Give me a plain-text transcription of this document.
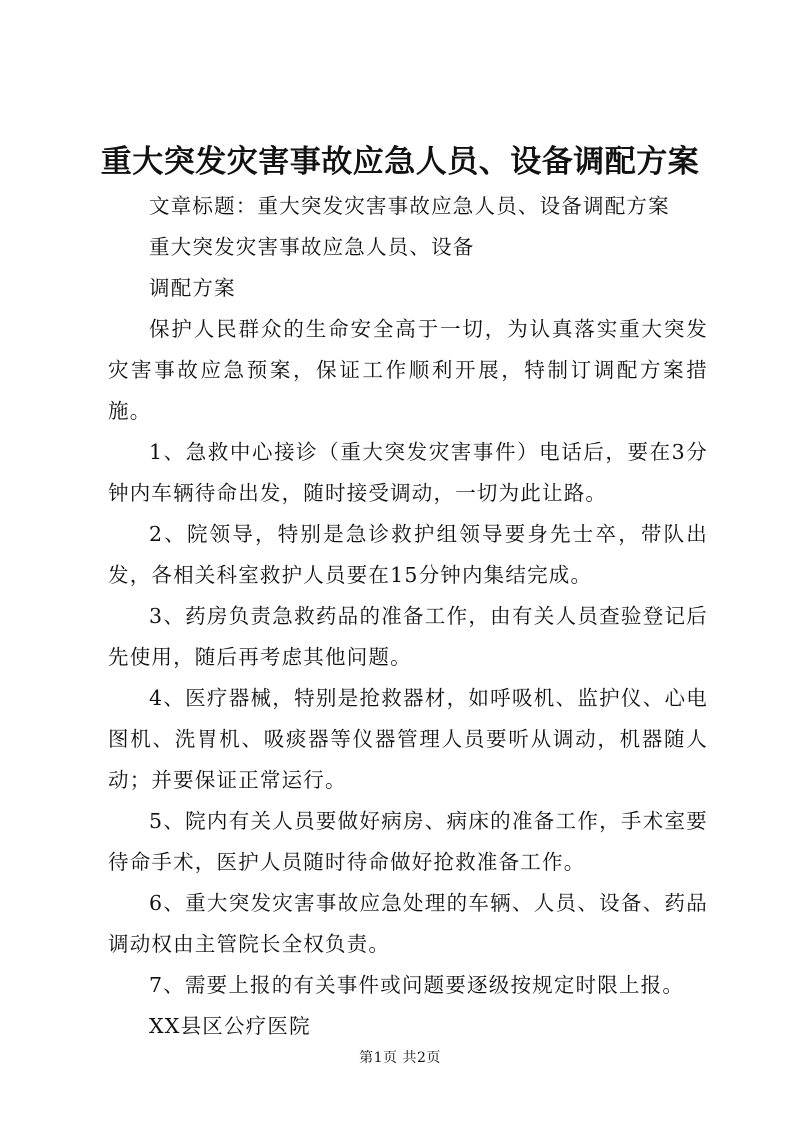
重大突发灾害事故应急人员、设备调配方案

文章标题：重大突发灾害事故应急人员、设备调配方案

重大突发灾害事故应急人员、设备

调配方案

保护人民群众的生命安全高于一切，为认真落实重大突发灾害事故应急预案，保证工作顺利开展，特制订调配方案措施。

1、急救中心接诊（重大突发灾害事件）电话后，要在3分钟内车辆待命出发，随时接受调动，一切为此让路。

2、院领导，特别是急诊救护组领导要身先士卒，带队出发，各相关科室救护人员要在15分钟内集结完成。

3、药房负责急救药品的准备工作，由有关人员查验登记后先使用，随后再考虑其他问题。

4、医疗器械，特别是抢救器材，如呼吸机、监护仪、心电图机、洗胃机、吸痰器等仪器管理人员要听从调动，机器随人动；并要保证正常运行。

5、院内有关人员要做好病房、病床的准备工作，手术室要待命手术，医护人员随时待命做好抢救准备工作。

6、重大突发灾害事故应急处理的车辆、人员、设备、药品调动权由主管院长全权负责。

7、需要上报的有关事件或问题要逐级按规定时限上报。

XX县区公疗医院

第1页 共2页
